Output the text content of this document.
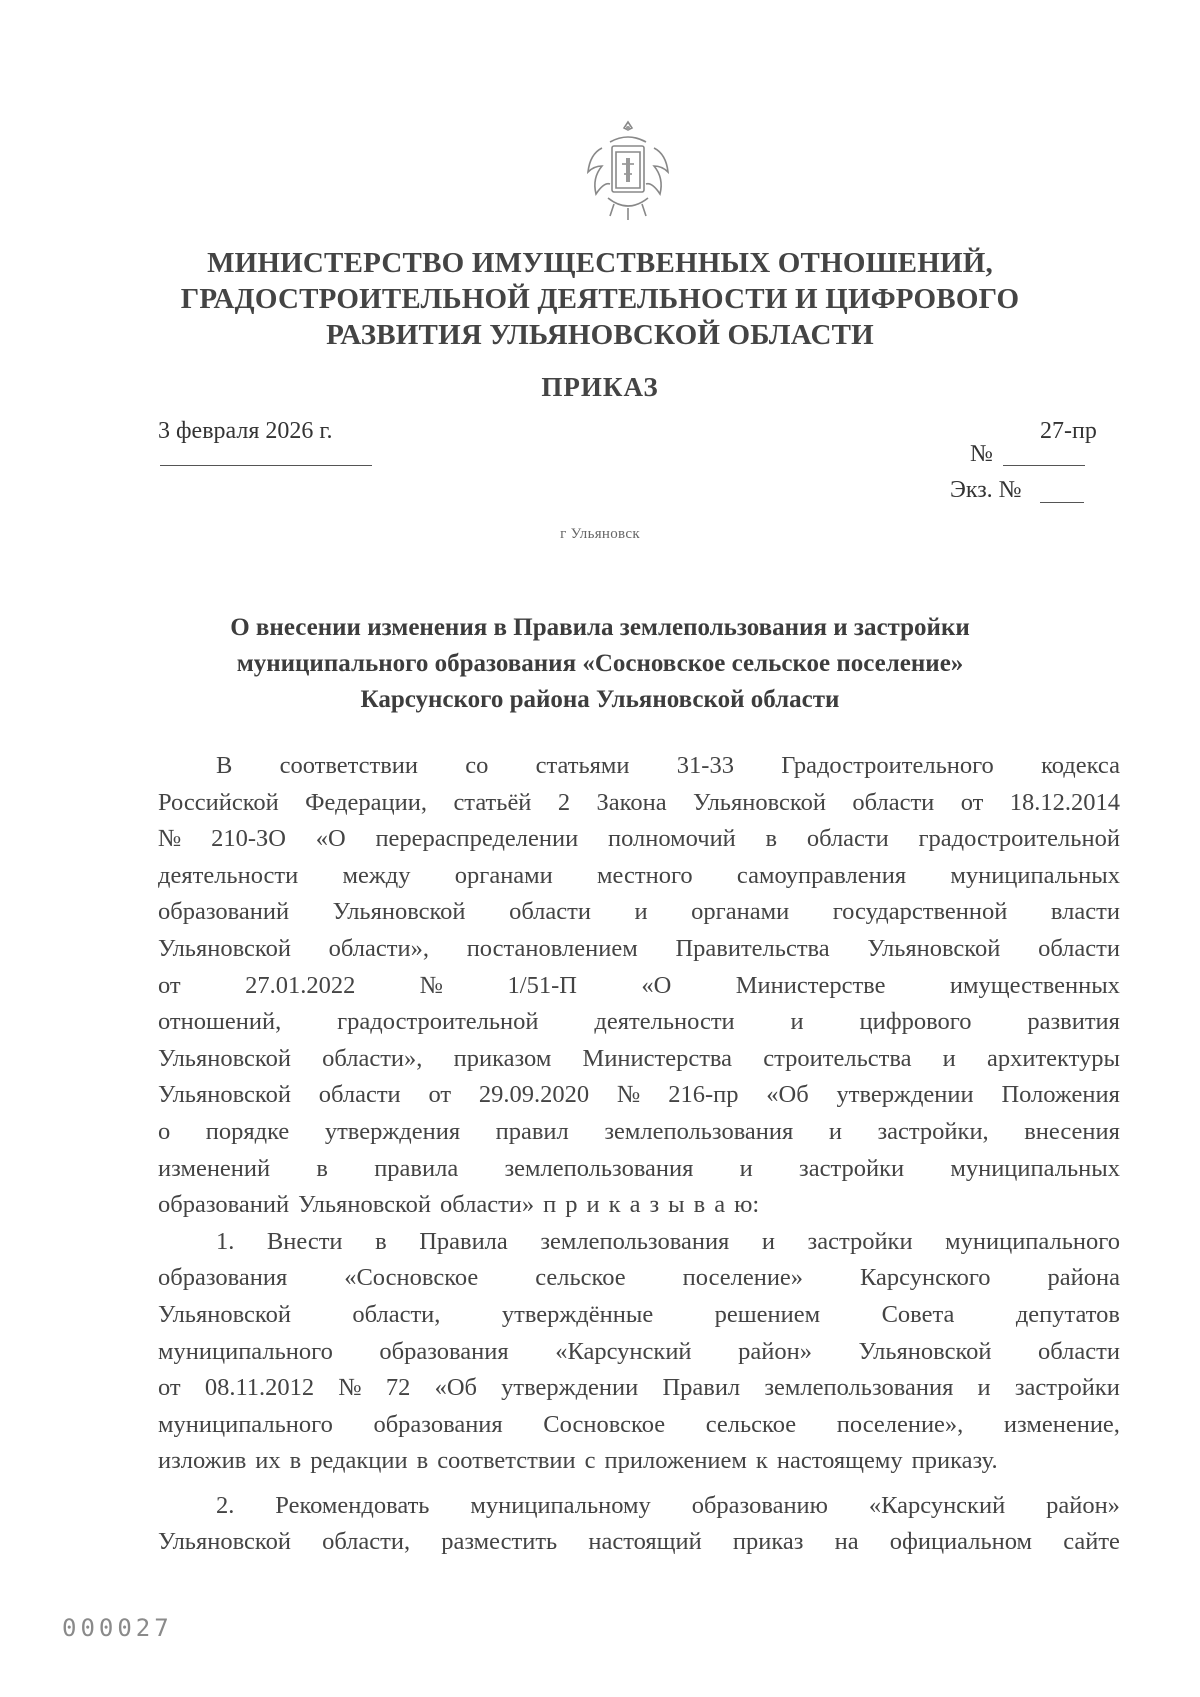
МИНИСТЕРСТВО ИМУЩЕСТВЕННЫХ ОТНОШЕНИЙ,
ГРАДОСТРОИТЕЛЬНОЙ ДЕЯТЕЛЬНОСТИ И ЦИФРОВОГО
РАЗВИТИЯ УЛЬЯНОВСКОЙ ОБЛАСТИ
ПРИКАЗ
3 февраля 2026 г.	27-пр
№
Экз. №
г Ульяновск
О внесении изменения в Правила землепользования и застройки
муниципального образования «Сосновское сельское поселение»
Карсунского района Ульяновской области
В соответствии со статьями 31-33 Градостроительного кодекса
Российской Федерации, статьёй 2 Закона Ульяновской области от 18.12.2014
№ 210-ЗО «О перераспределении полномочий в области градостроительной
деятельности между органами местного самоуправления муниципальных
образований Ульяновской области и органами государственной власти
Ульяновской области», постановлением Правительства Ульяновской области
от	27.01.2022	№	1/51-П	«О	Министерстве	имущественных
отношений, градостроительной деятельности и цифрового развития
Ульяновской области», приказом Министерства строительства и архитектуры
Ульяновской области от 29.09.2020 № 216-пр «Об утверждении Положения
о порядке утверждения правил землепользования и застройки, внесения
изменений в правила землепользования и застройки муниципальных
образований Ульяновской области» п р и к а з ы в а ю:
1. Внести в Правила землепользования и застройки муниципального
образования «Сосновское сельское поселение» Карсунского района
Ульяновской	области,	утверждённые	решением	Совета	депутатов
муниципального образования «Карсунский район» Ульяновской области
от 08.11.2012 № 72 «Об утверждении Правил землепользования и застройки
муниципального образования Сосновское сельское поселение», изменение,
изложив их в редакции в соответствии с приложением к настоящему приказу.
2. Рекомендовать муниципальному образованию «Карсунский район»
Ульяновской области, разместить настоящий приказ на официальном сайте
000027
